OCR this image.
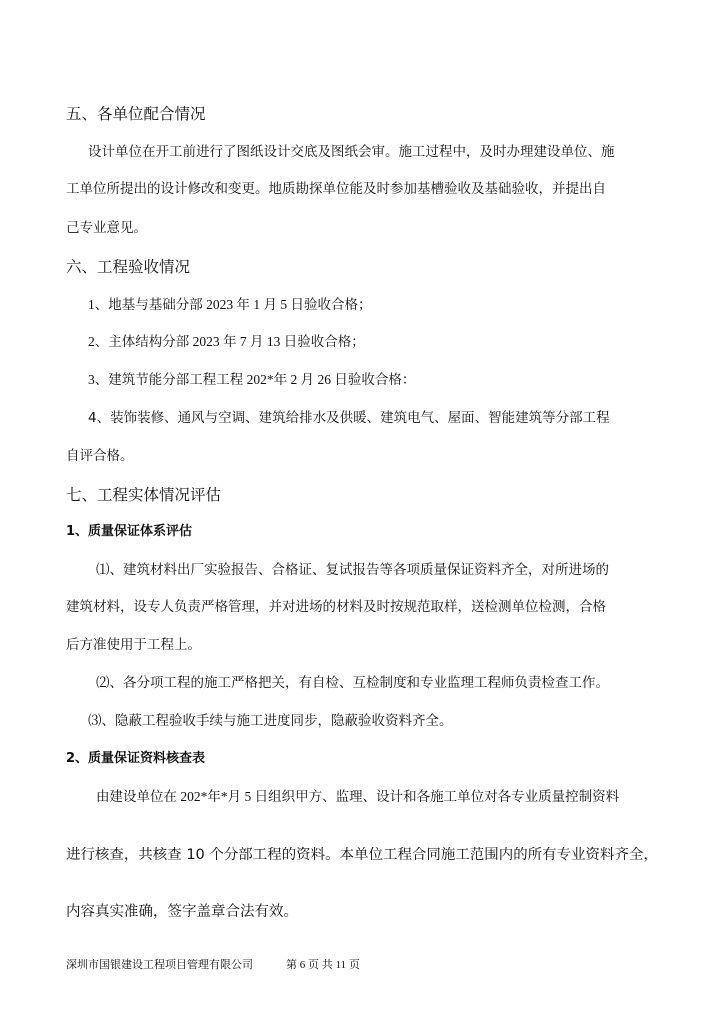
五、各单位配合情况
设计单位在开工前进行了图纸设计交底及图纸会审。施工过程中，及时办理建设单位、施
工单位所提出的设计修改和变更。地质勘探单位能及时参加基槽验收及基础验收，并提出自
己专业意见。
六、工程验收情况
1、地基与基础分部 2023 年 1 月 5 日验收合格；
2、主体结构分部 2023 年 7 月 13 日验收合格；
3、建筑节能分部工程工程 202*年 2 月 26 日验收合格：
4、装饰装修、通风与空调、建筑给排水及供暖、建筑电气、屋面、智能建筑等分部工程
自评合格。
七、工程实体情况评估
1、质量保证体系评估
⑴、建筑材料出厂实验报告、合格证、复试报告等各项质量保证资料齐全，对所进场的
建筑材料，设专人负责严格管理，并对进场的材料及时按规范取样，送检测单位检测，合格
后方准使用于工程上。
⑵、各分项工程的施工严格把关，有自检、互检制度和专业监理工程师负责检查工作。
⑶、隐蔽工程验收手续与施工进度同步，隐蔽验收资料齐全。
2、质量保证资料核查表
由建设单位在 202*年*月 5 日组织甲方、监理、设计和各施工单位对各专业质量控制资料
进行核查，共核查 10 个分部工程的资料。本单位工程合同施工范围内的所有专业资料齐全，
内容真实准确，签字盖章合法有效。
深圳市国银建设工程项目管理有限公司	第 6 页 共 11 页
